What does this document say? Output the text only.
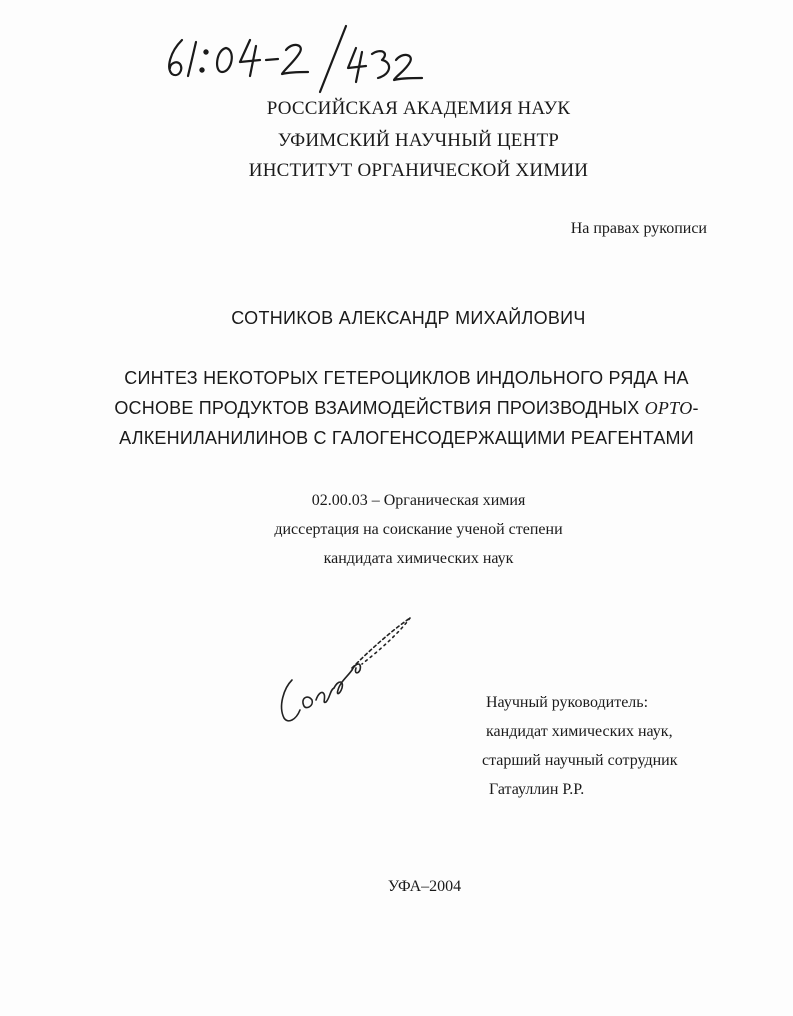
РОССИЙСКАЯ АКАДЕМИЯ НАУК
УФИМСКИЙ НАУЧНЫЙ ЦЕНТР
ИНСТИТУТ ОРГАНИЧЕСКОЙ ХИМИИ
На правах рукописи
СОТНИКОВ АЛЕКСАНДР МИХАЙЛОВИЧ
СИНТЕЗ НЕКОТОРЫХ ГЕТЕРОЦИКЛОВ ИНДОЛЬНОГО РЯДА НА
ОСНОВЕ ПРОДУКТОВ ВЗАИМОДЕЙСТВИЯ ПРОИЗВОДНЫХ ОРТО-
АЛКЕНИЛАНИЛИНОВ С ГАЛОГЕНСОДЕРЖАЩИМИ РЕАГЕНТАМИ
02.00.03 – Органическая химия
диссертация на соискание ученой степени
кандидата химических наук
Научный руководитель:
кандидат химических наук,
старший научный сотрудник
Гатауллин Р.Р.
УФА–2004
